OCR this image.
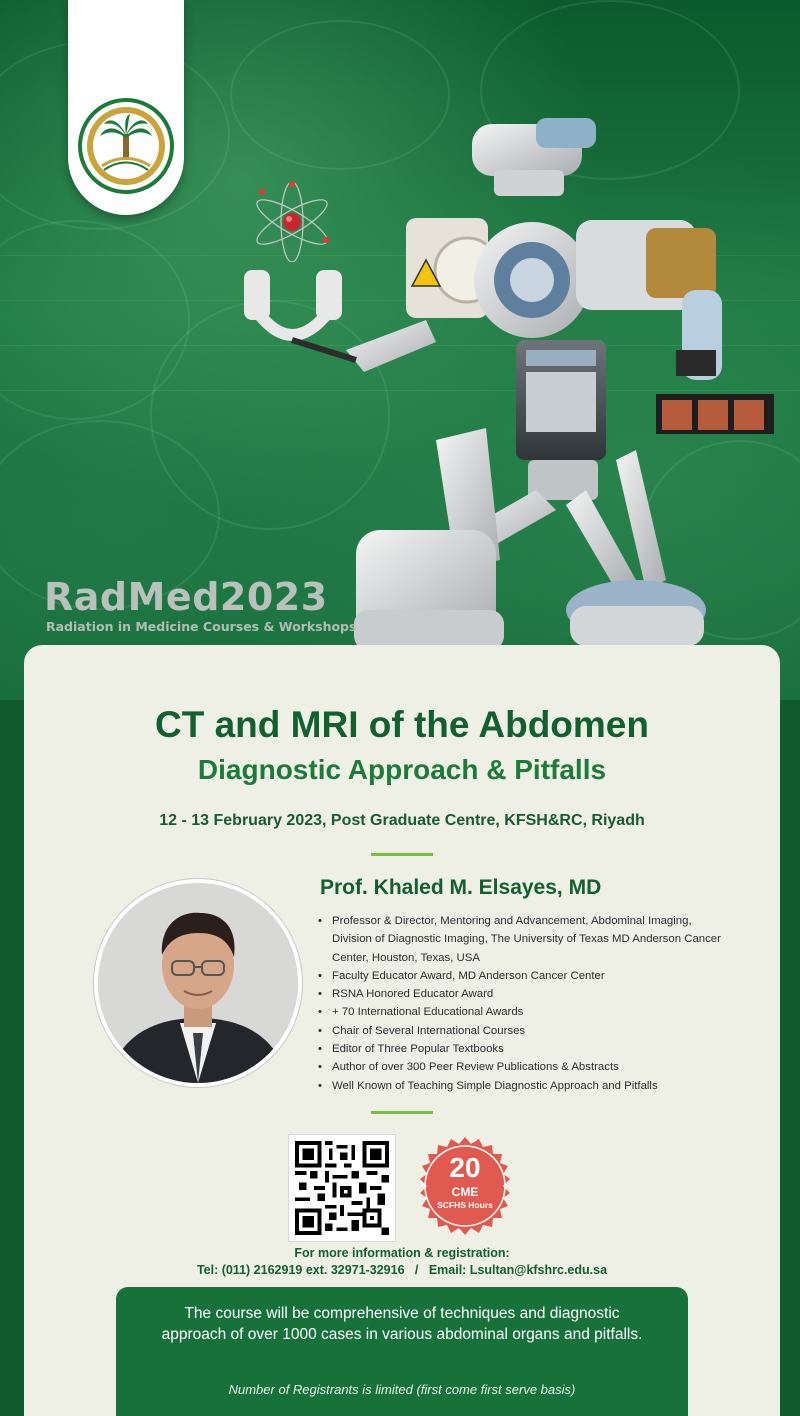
RadMed2023
Radiation in Medicine Courses & Workshops
CT and MRI of the Abdomen
Diagnostic Approach & Pitfalls
12 - 13 February 2023, Post Graduate Centre, KFSH&RC, Riyadh
Prof. Khaled M. Elsayes, MD
• Professor & Director, Mentoring and Advancement, Abdominal Imaging, Division of Diagnostic Imaging, The University of Texas MD Anderson Cancer Center, Houston, Texas, USA
• Faculty Educator Award, MD Anderson Cancer Center
• RSNA Honored Educator Award
• + 70 International Educational Awards
• Chair of Several International Courses
• Editor of Three Popular Textbooks
• Author of over 300 Peer Review Publications & Abstracts
• Well Known of Teaching Simple Diagnostic Approach and Pitfalls
20
CME
SCFHS Hours
For more information & registration:
Tel: (011) 2162919 ext. 32971-32916   /   Email: Lsultan@kfshrc.edu.sa
The course will be comprehensive of techniques and diagnostic approach of over 1000 cases in various abdominal organs and pitfalls.
Number of Registrants is limited (first come first serve basis)
